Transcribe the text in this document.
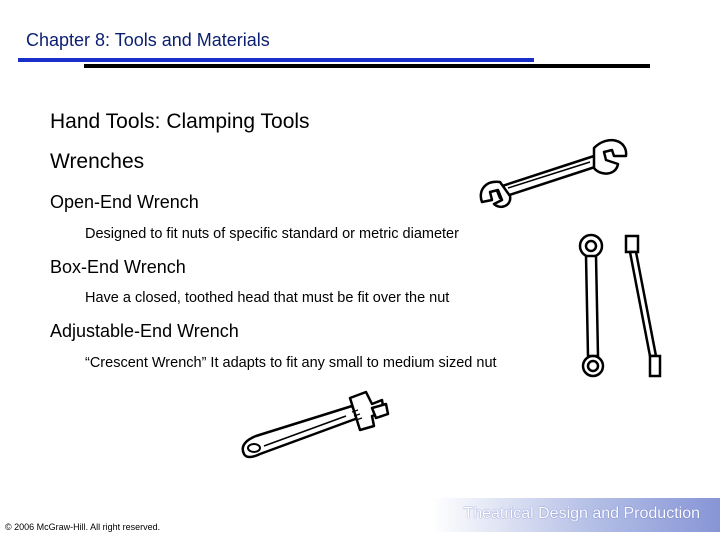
Chapter 8: Tools and Materials
Hand Tools: Clamping Tools
Wrenches
Open-End Wrench
Designed to fit nuts of specific standard or metric diameter
Box-End Wrench
Have a closed, toothed head that must be fit over the nut
Adjustable-End Wrench
“Crescent Wrench” It adapts to fit any small to medium sized nut
Theatrical Design and Production
© 2006 McGraw-Hill. All right reserved.
